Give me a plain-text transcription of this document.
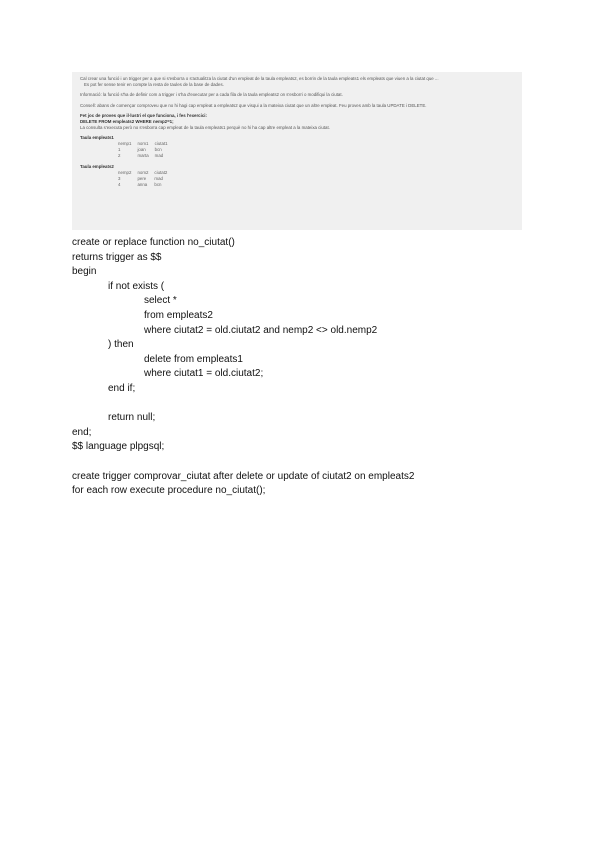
Cal crear una funció i un trigger per a que si s'esborra o s'actualitza la ciutat d'un empleat de la taula empleats2, es borrin de la taula empleats1 els empleats que viuen a la ciutat que ...
Es pot fer sense tenir en compte la resta de taules de la base de dades.
Informació: la funció s'ha de definir com a trigger i s'ha d'executar per a cada fila de la taula empleats2 on s'esborri o modifiqui la ciutat.
Consell: abans de començar comproveu que no hi hagi cap empleat a empleats2 que visqui a la mateixa ciutat que un altre empleat. Feu proves amb la taula UPDATE i DELETE.
Fet joc de proves que il·lustri el que funciona, i fes l'exercici:
DELETE FROM empleats2 WHERE nemp2=1;
La consulta s'executa però no s'esborra cap empleat de la taula empleats1 perquè no hi ha cap altre empleat a la mateixa ciutat.
Taula empleats1
nemp1	nom1	ciutat1
1	joan	bcn
2	marta	mad
Taula empleats2
nemp2	nom2	ciutat2
3	pere	mad
4	anna	bcn
create or replace function no_ciutat()
returns trigger as $$
begin
if not exists (
select *
from empleats2
where ciutat2 = old.ciutat2 and nemp2 <> old.nemp2
) then
delete from empleats1
where ciutat1 = old.ciutat2;
end if;
return null;
end;
$$ language plpgsql;
create trigger comprovar_ciutat after delete or update of ciutat2 on empleats2
for each row execute procedure no_ciutat();
